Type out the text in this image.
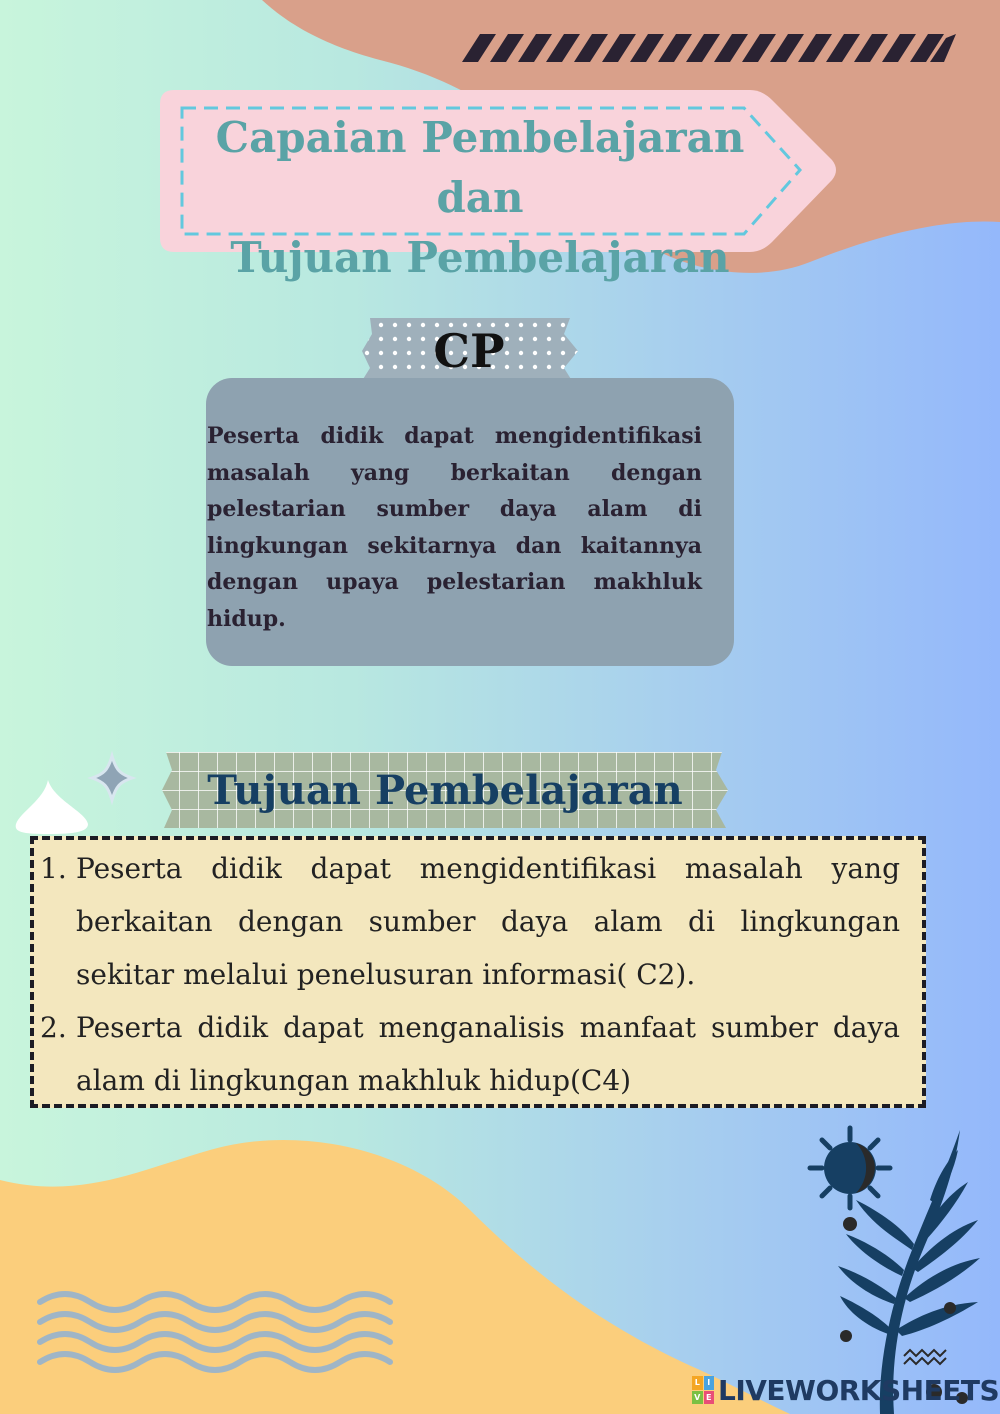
Capaian Pembelajaran dan
Tujuan Pembelajaran
CP

Peserta didik dapat mengidentifikasi masalah yang berkaitan dengan pelestarian sumber daya alam di lingkungan sekitarnya dan kaitannya dengan upaya pelestarian makhluk hidup.

Tujuan Pembelajaran
1. Peserta didik dapat mengidentifikasi masalah yang berkaitan dengan sumber daya alam di lingkungan sekitar melalui penelusuran informasi( C2).
2. Peserta didik dapat menganalisis manfaat sumber daya alam di lingkungan makhluk hidup(C4)
L I
V E LIVEWORKSHEETS
